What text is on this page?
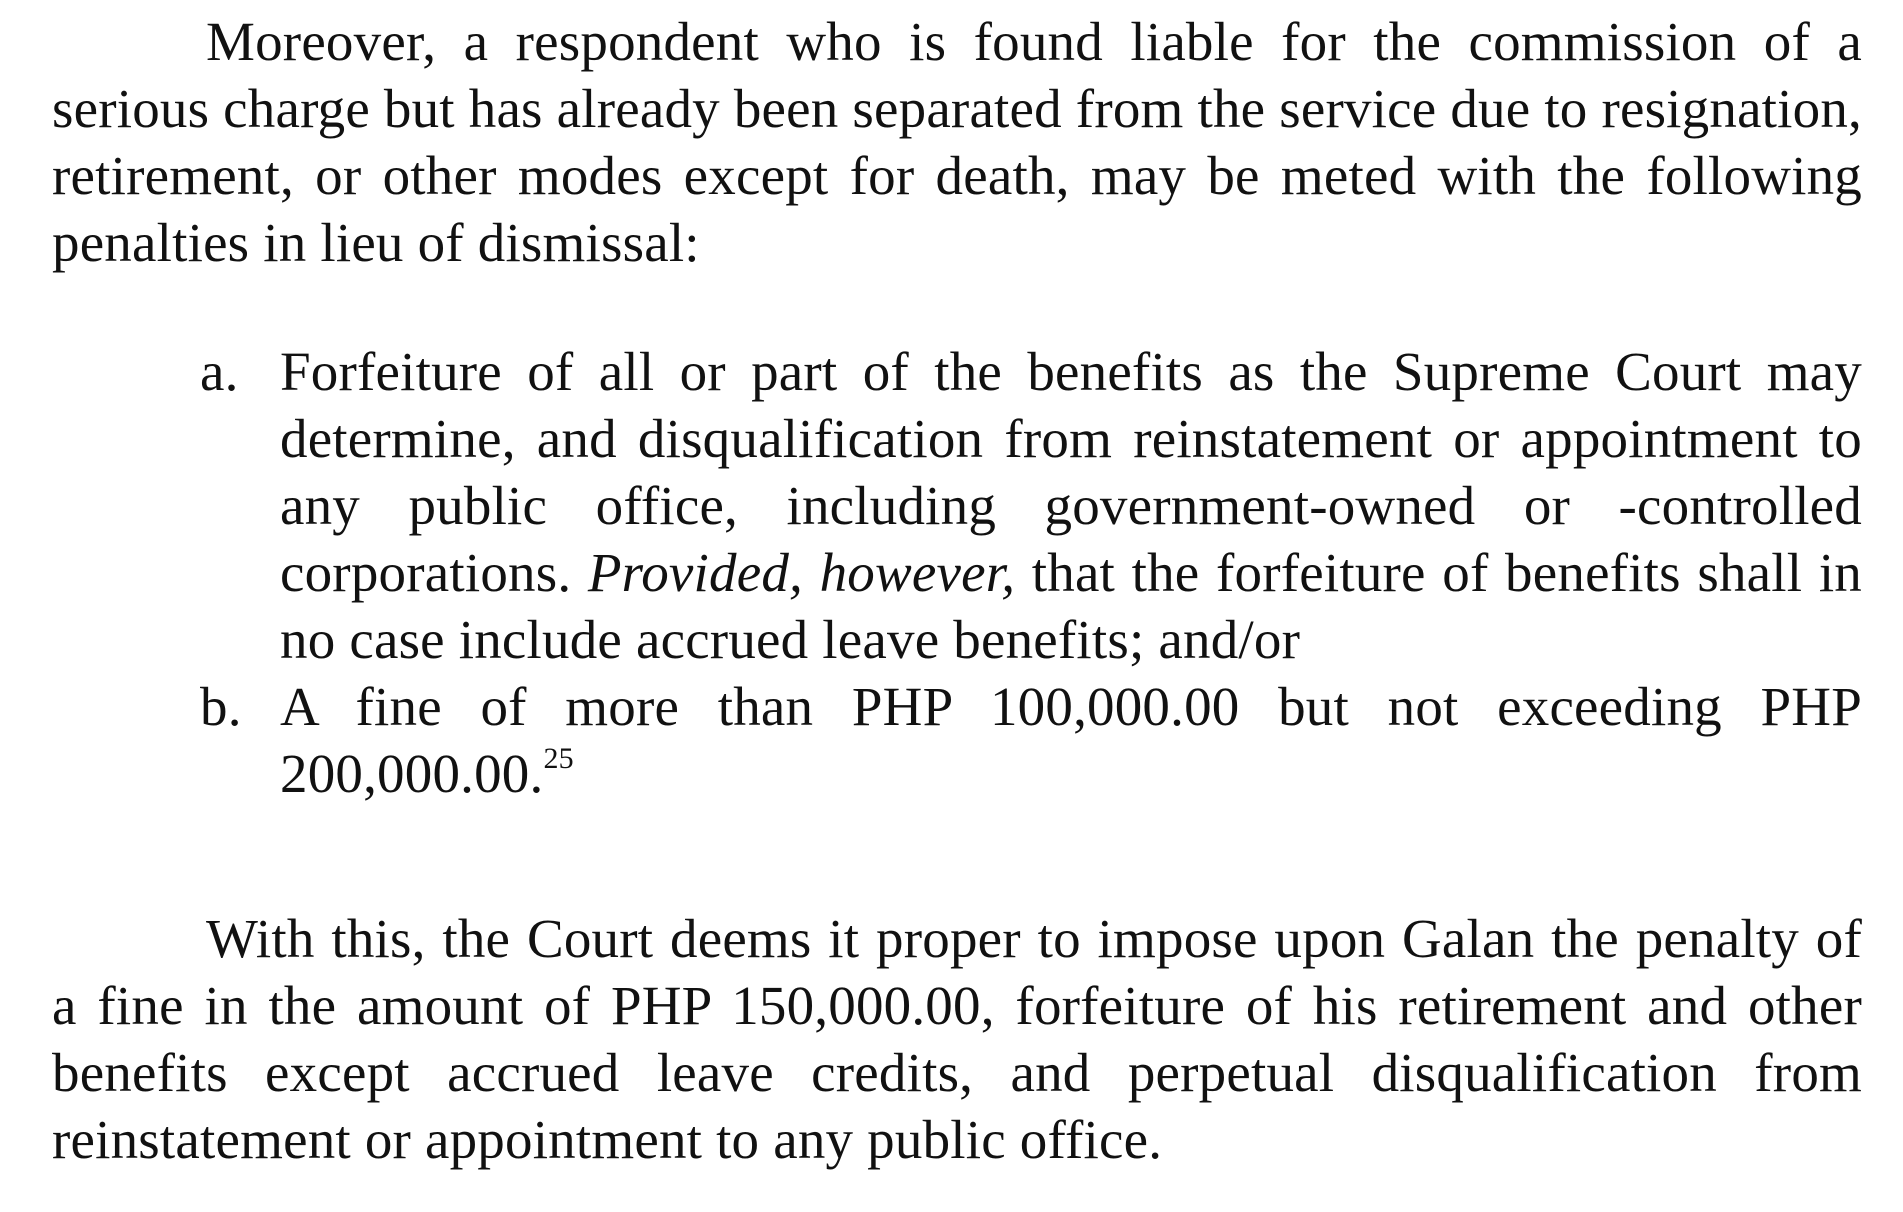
Moreover, a respondent who is found liable for the commission of a serious charge but has already been separated from the service due to resignation, retirement, or other modes except for death, may be meted with the following penalties in lieu of dismissal:

a. Forfeiture of all or part of the benefits as the Supreme Court may determine, and disqualification from reinstatement or appointment to any public office, including government-owned or -controlled corporations. Provided, however, that the forfeiture of benefits shall in no case include accrued leave benefits; and/or
b. A fine of more than PHP 100,000.00 but not exceeding PHP 200,000.00.25

With this, the Court deems it proper to impose upon Galan the penalty of a fine in the amount of PHP 150,000.00, forfeiture of his retirement and other benefits except accrued leave credits, and perpetual disqualification from reinstatement or appointment to any public office.
